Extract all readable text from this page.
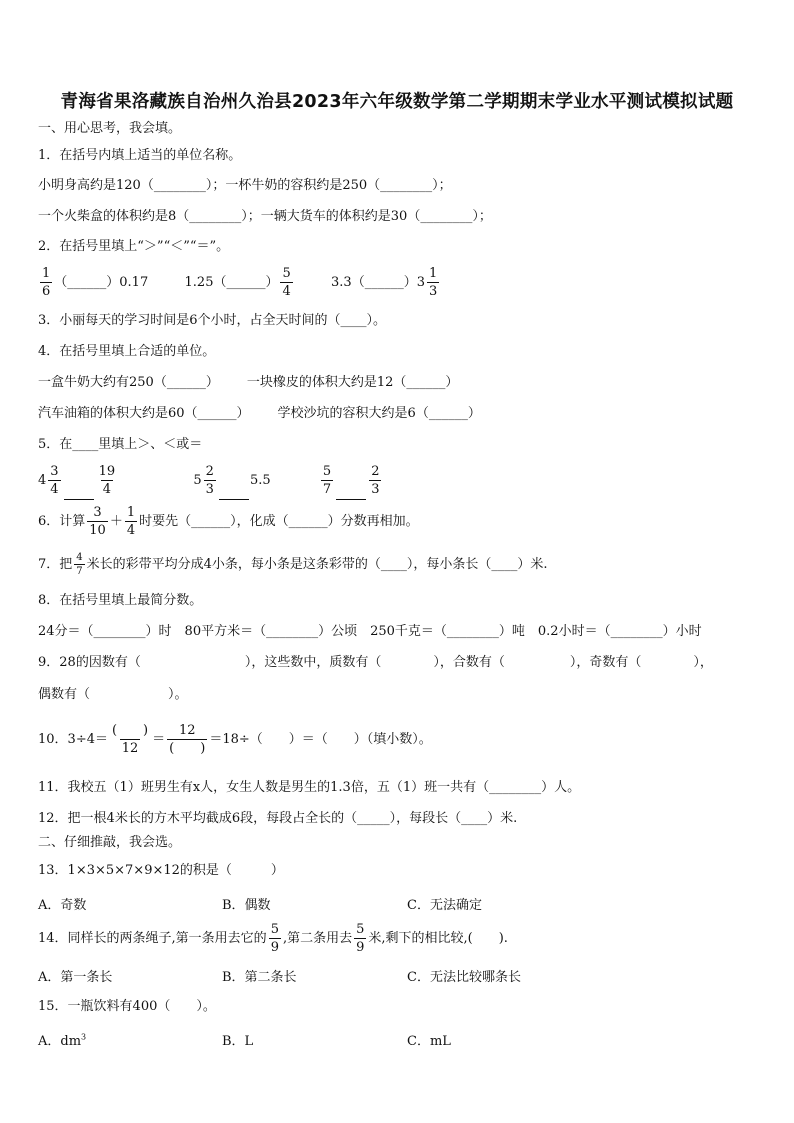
青海省果洛藏族自治州久治县2023年六年级数学第二学期期末学业水平测试模拟试题
一、用心思考，我会填。
1．在括号内填上适当的单位名称。
小明身高约是120（________）；一杯牛奶的容积约是250（________）；
一个火柴盒的体积约是8（________）；一辆大货车的体积约是30（________）；
2．在括号里填上“＞”“＜”“＝”。
$\frac{1}{6}$ （______）0.17	1.25（______） $\frac{5}{4}$	3.3（______）3 $\frac{1}{3}$
3．小丽每天的学习时间是6个小时，占全天时间的（____）。
4．在括号里填上合适的单位。
一盒牛奶大约有250（______） 一块橡皮的体积大约是12（______）
汽车油箱的体积大约是60（______） 学校沙坑的容积大约是6（______）
5．在____里填上＞、＜或＝
$4 \frac{3}{4}$	$\frac{19}{4}$	$5 \frac{2}{3}$	5.5	$\frac{5}{7}$	$\frac{2}{3}$
6．计算 $\frac{3}{10} + \frac{1}{4}$ 时要先（______），化成（______）分数再相加。
7．把 $\frac{4}{7}$ 米长的彩带平均分成4小条，每小条是这条彩带的（____），每小条长（____）米.
8．在括号里填上最简分数。
24分＝（________）时　80平方米＝（________）公顷　250千克＝（________）吨　0.2小时＝（________）小时
9．28的因数有（　　　　　　　　），这些数中，质数有（　　　　），合数有（　　　　　），奇数有（　　　　），
偶数有（　　　　　　）。
10．$3\div 4= \frac{( )}{12} = \frac{12}{( )} =18\div$（　　）＝（　　）（填小数）。
11．我校五（1）班男生有x人，女生人数是男生的1.3倍，五（1）班一共有（________）人。
12．把一根4米长的方木平均截成6段，每段占全长的（_____），每段长（____）米.
二、仔细推敲，我会选。
13．1×3×5×7×9×12的积是（　　　）
A．奇数	B．偶数	C．无法确定
14．同样长的两条绳子,第一条用去它的 $\frac{5}{9}$ ,第二条用去 $\frac{5}{9}$ 米,剩下的相比较,(　　).
A．第一条长	B．第二条长	C．无法比较哪条长
15．一瓶饮料有400（　　）。
A．$dm^3$	B．L	C．mL
